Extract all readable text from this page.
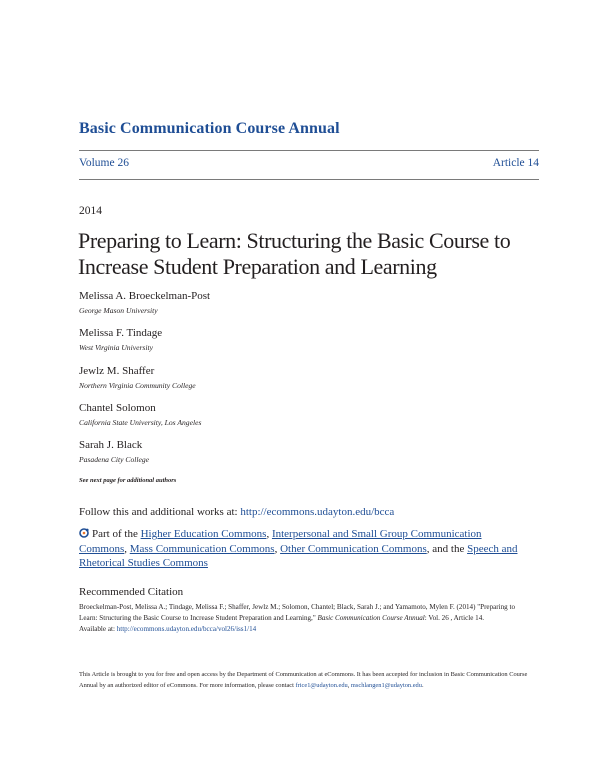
Basic Communication Course Annual
Volume 26	Article 14
2014
Preparing to Learn: Structuring the Basic Course to Increase Student Preparation and Learning
Melissa A. Broeckelman-Post
George Mason University
Melissa F. Tindage
West Virginia University
Jewlz M. Shaffer
Northern Virginia Community College
Chantel Solomon
California State University, Los Angeles
Sarah J. Black
Pasadena City College
See next page for additional authors
Follow this and additional works at: http://ecommons.udayton.edu/bcca
Part of the Higher Education Commons, Interpersonal and Small Group Communication Commons, Mass Communication Commons, Other Communication Commons, and the Speech and Rhetorical Studies Commons
Recommended Citation
Broeckelman-Post, Melissa A.; Tindage, Melissa F.; Shaffer, Jewlz M.; Solomon, Chantel; Black, Sarah J.; and Yamamoto, Mylen F. (2014) "Preparing to Learn: Structuring the Basic Course to Increase Student Preparation and Learning," Basic Communication Course Annual: Vol. 26 , Article 14.
Available at: http://ecommons.udayton.edu/bcca/vol26/iss1/14
This Article is brought to you for free and open access by the Department of Communication at eCommons. It has been accepted for inclusion in Basic Communication Course Annual by an authorized editor of eCommons. For more information, please contact frice1@udayton.edu, mschlangen1@udayton.edu.
